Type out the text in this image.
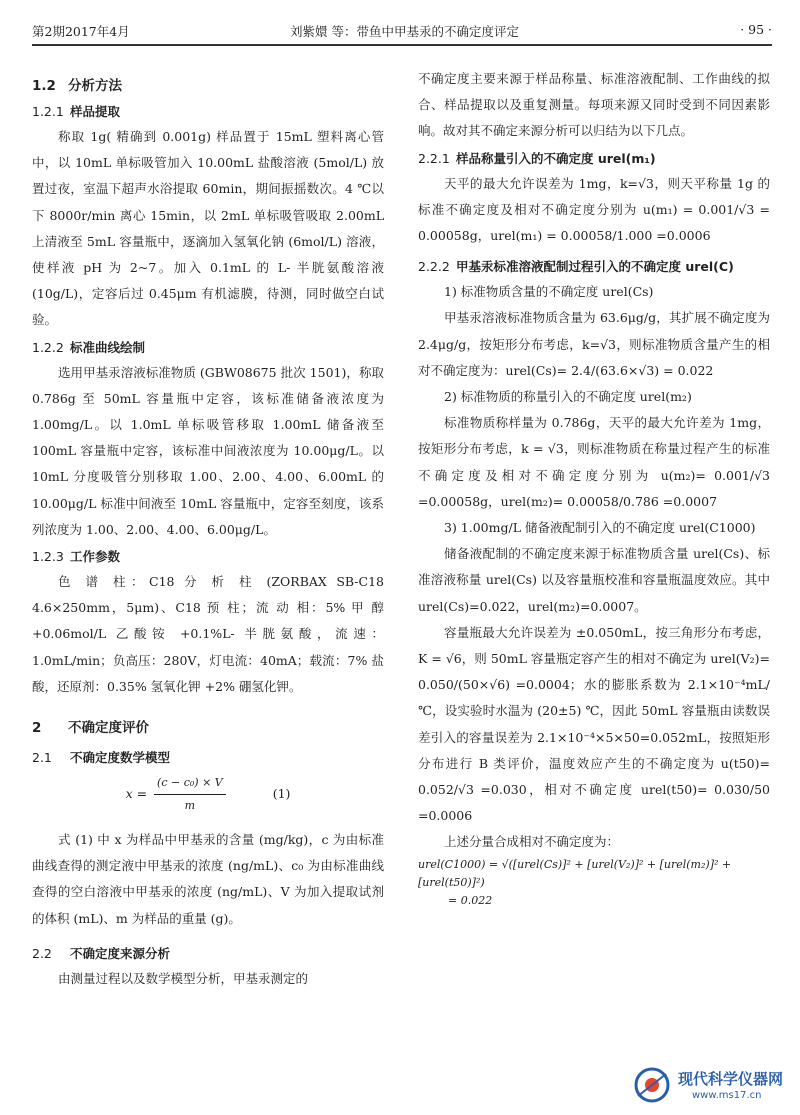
第2期2017年4月	刘紫嬛 等：带鱼中甲基汞的不确定度评定	· 95 ·
1.2 分析方法
1.2.1 样品提取

称取 1g( 精确到 0.001g) 样品置于 15mL 塑料离心管中，以 10mL 单标吸管加入 10.00mL 盐酸溶液 (5mol/L) 放置过夜，室温下超声水浴提取 60min，期间振摇数次。4 ℃以下 8000r/min 离心 15min，以 2mL 单标吸管吸取 2.00mL 上清液至 5mL 容量瓶中，逐滴加入氢氧化钠 (6mol/L) 溶液，使样液 pH 为 2~7。加入 0.1mL 的 L- 半胱氨酸溶液 (10g/L)，定容后过 0.45μm 有机滤膜，待测，同时做空白试验。

1.2.2 标准曲线绘制

选用甲基汞溶液标准物质 (GBW08675 批次 1501)，称取 0.786g 至 50mL 容量瓶中定容，该标准储备液浓度为 1.00mg/L。以 1.0mL 单标吸管移取 1.00mL 储备液至 100mL 容量瓶中定容，该标准中间液浓度为 10.00μg/L。以 10mL 分度吸管分别移取 1.00、2.00、4.00、6.00mL 的 10.00μg/L 标准中间液至 10mL 容量瓶中，定容至刻度，该系列浓度为 1.00、2.00、4.00、6.00μg/L。

1.2.3 工作参数

色 谱 柱：C18 分 析 柱 (ZORBAX SB-C18 4.6×250mm，5μm)、C18 预 柱；流 动 相：5% 甲 醇 +0.06mol/L 乙酸铵 +0.1%L- 半胱氨酸，流速：1.0mL/min；负高压：280V，灯电流：40mA；载流：7% 盐酸，还原剂：0.35% 氢氧化钾 +2% 硼氢化钾。

2 不确定度评价
2.1 不确定度数学模型
$x = \frac{\text{(c − c₀) × V}}{m}$	(1)

式 (1) 中 x 为样品中甲基汞的含量 (mg/kg)，c 为由标准曲线查得的测定液中甲基汞的浓度 (ng/mL)、c₀ 为由标准曲线查得的空白溶液中甲基汞的浓度 (ng/mL)、V 为加入提取试剂的体积 (mL)、m 为样品的重量 (g)。

2.2 不确定度来源分析

由测量过程以及数学模型分析，甲基汞测定的

不确定度主要来源于样品称量、标准溶液配制、工作曲线的拟合、样品提取以及重复测量。每项来源又同时受到不同因素影响。故对其不确定来源分析可以归结为以下几点。

2.2.1 样品称量引入的不确定度 urel(m₁)

天平的最大允许误差为 1mg，k=√3，则天平称量 1g 的标准不确定度及相对不确定度分别为 u(m₁) = 0.001/√3 = 0.00058g，urel(m₁) = 0.00058/1.000 =0.0006

2.2.2 甲基汞标准溶液配制过程引入的不确定度 urel(C)

1) 标准物质含量的不确定度 urel(Cs)

甲基汞溶液标准物质含量为 63.6μg/g，其扩展不确定度为 2.4μg/g，按矩形分布考虑，k=√3，则标准物质含量产生的相对不确定度为：urel(Cs)= 2.4/(63.6×√3) = 0.022

2) 标准物质的称量引入的不确定度 urel(m₂)

标准物质称样量为 0.786g，天平的最大允许差为 1mg，按矩形分布考虑，k = √3，则标准物质在称量过程产生的标准不确定度及相对不确定度分别为 u(m₂)= 0.001/√3 =0.00058g，urel(m₂)= 0.00058/0.786 =0.0007

3) 1.00mg/L 储备液配制引入的不确定度 urel(C1000)

储备液配制的不确定度来源于标准物质含量 urel(Cs)、标准溶液称量 urel(Cs) 以及容量瓶校准和容量瓶温度效应。其中 urel(Cs)=0.022，urel(m₂)=0.0007。

容量瓶最大允许误差为 ±0.050mL，按三角形分布考虑，K = √6，则 50mL 容量瓶定容产生的相对不确定为 urel(V₂)= 0.050/(50×√6) =0.0004；水的膨胀系数为 2.1×10⁻⁴mL/ ℃，设实验时水温为 (20±5) ℃，因此 50mL 容量瓶由读数误差引入的容量误差为 2.1×10⁻⁴×5×50=0.052mL，按照矩形分布进行 B 类评价，温度效应产生的不确定度为 u(t50)= 0.052/√3 =0.030，相对不确定度 urel(t50)= 0.030/50 =0.0006

上述分量合成相对不确定度为：

urel(C1000) = √([urel(Cs)]² + [urel(V₂)]² + [urel(m₂)]² + [urel(t50)]²)
= 0.022
现代科学仪器网
www.ms17.cn
